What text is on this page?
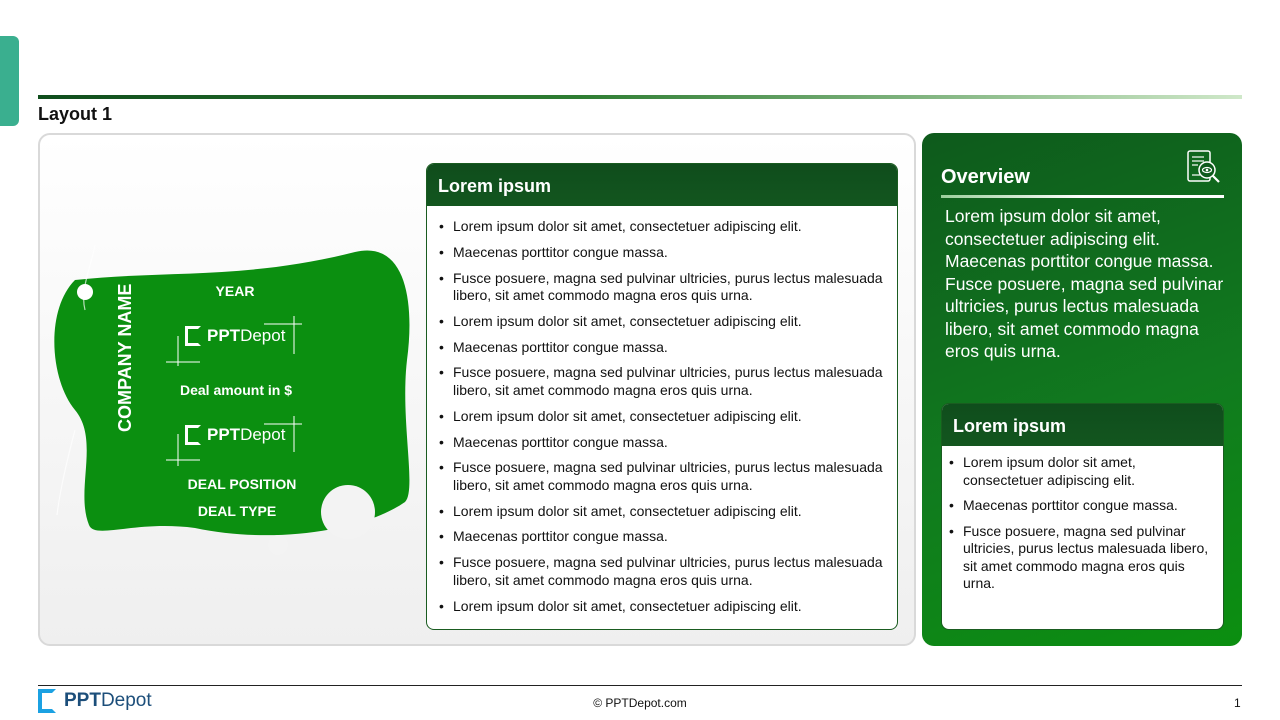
Layout 1
YEAR
COMPANY NAME	PPT Depot
Deal amount in $
PPT Depot
DEAL POSITION
DEAL TYPE
Lorem ipsum
• Lorem ipsum dolor sit amet, consectetuer adipiscing elit.
• Maecenas porttitor congue massa.
• Fusce posuere, magna sed pulvinar ultricies, purus lectus malesuada libero, sit amet commodo magna eros quis urna.
• Lorem ipsum dolor sit amet, consectetuer adipiscing elit.
• Maecenas porttitor congue massa.
• Fusce posuere, magna sed pulvinar ultricies, purus lectus malesuada libero, sit amet commodo magna eros quis urna.
• Lorem ipsum dolor sit amet, consectetuer adipiscing elit.
• Maecenas porttitor congue massa.
• Fusce posuere, magna sed pulvinar ultricies, purus lectus malesuada libero, sit amet commodo magna eros quis urna.
• Lorem ipsum dolor sit amet, consectetuer adipiscing elit.
• Maecenas porttitor congue massa.
• Fusce posuere, magna sed pulvinar ultricies, purus lectus malesuada libero, sit amet commodo magna eros quis urna.
• Lorem ipsum dolor sit amet, consectetuer adipiscing elit.
Overview
Lorem ipsum dolor sit amet, consectetuer adipiscing elit. Maecenas porttitor congue massa. Fusce posuere, magna sed pulvinar ultricies, purus lectus malesuada libero, sit amet commodo magna eros quis urna.
Lorem ipsum
• Lorem ipsum dolor sit amet, consectetuer adipiscing elit.
• Maecenas porttitor congue massa.
• Fusce posuere, magna sed pulvinar ultricies, purus lectus malesuada libero, sit amet commodo magna eros quis urna.
PPT Depot	© PPTDepot.com	1
